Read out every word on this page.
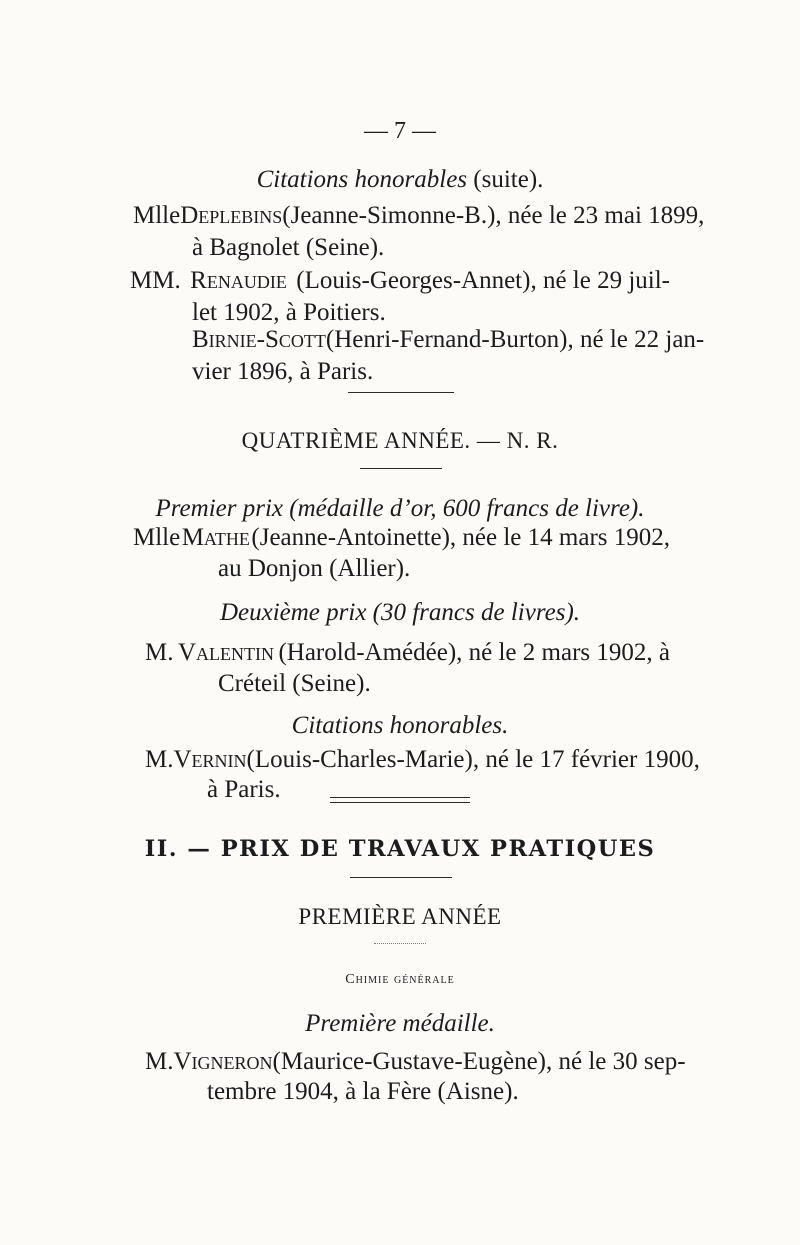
— 7 —
Citations honorables (suite).
Mlle Deplebins (Jeanne-Simonne-B.), née le 23 mai 1899,
à Bagnolet (Seine).
MM. Renaudie (Louis-Georges-Annet), né le 29 juil-
let 1902, à Poitiers.
Birnie-Scott (Henri-Fernand-Burton), né le 22 jan-
vier 1896, à Paris.
QUATRIÈME ANNÉE. — N. R.
Premier prix (médaille d’or, 600 francs de livre).
Mlle Mathe (Jeanne-Antoinette), née le 14 mars 1902,
au Donjon (Allier).
Deuxième prix (30 francs de livres).
M. Valentin (Harold-Amédée), né le 2 mars 1902, à
Créteil (Seine).
Citations honorables.
M. Vernin (Louis-Charles-Marie), né le 17 février 1900,
à Paris.
II. — PRIX DE TRAVAUX PRATIQUES
PREMIÈRE ANNÉE
Chimie générale
Première médaille.
M. Vigneron (Maurice-Gustave-Eugène), né le 30 sep-
tembre 1904, à la Fère (Aisne).
